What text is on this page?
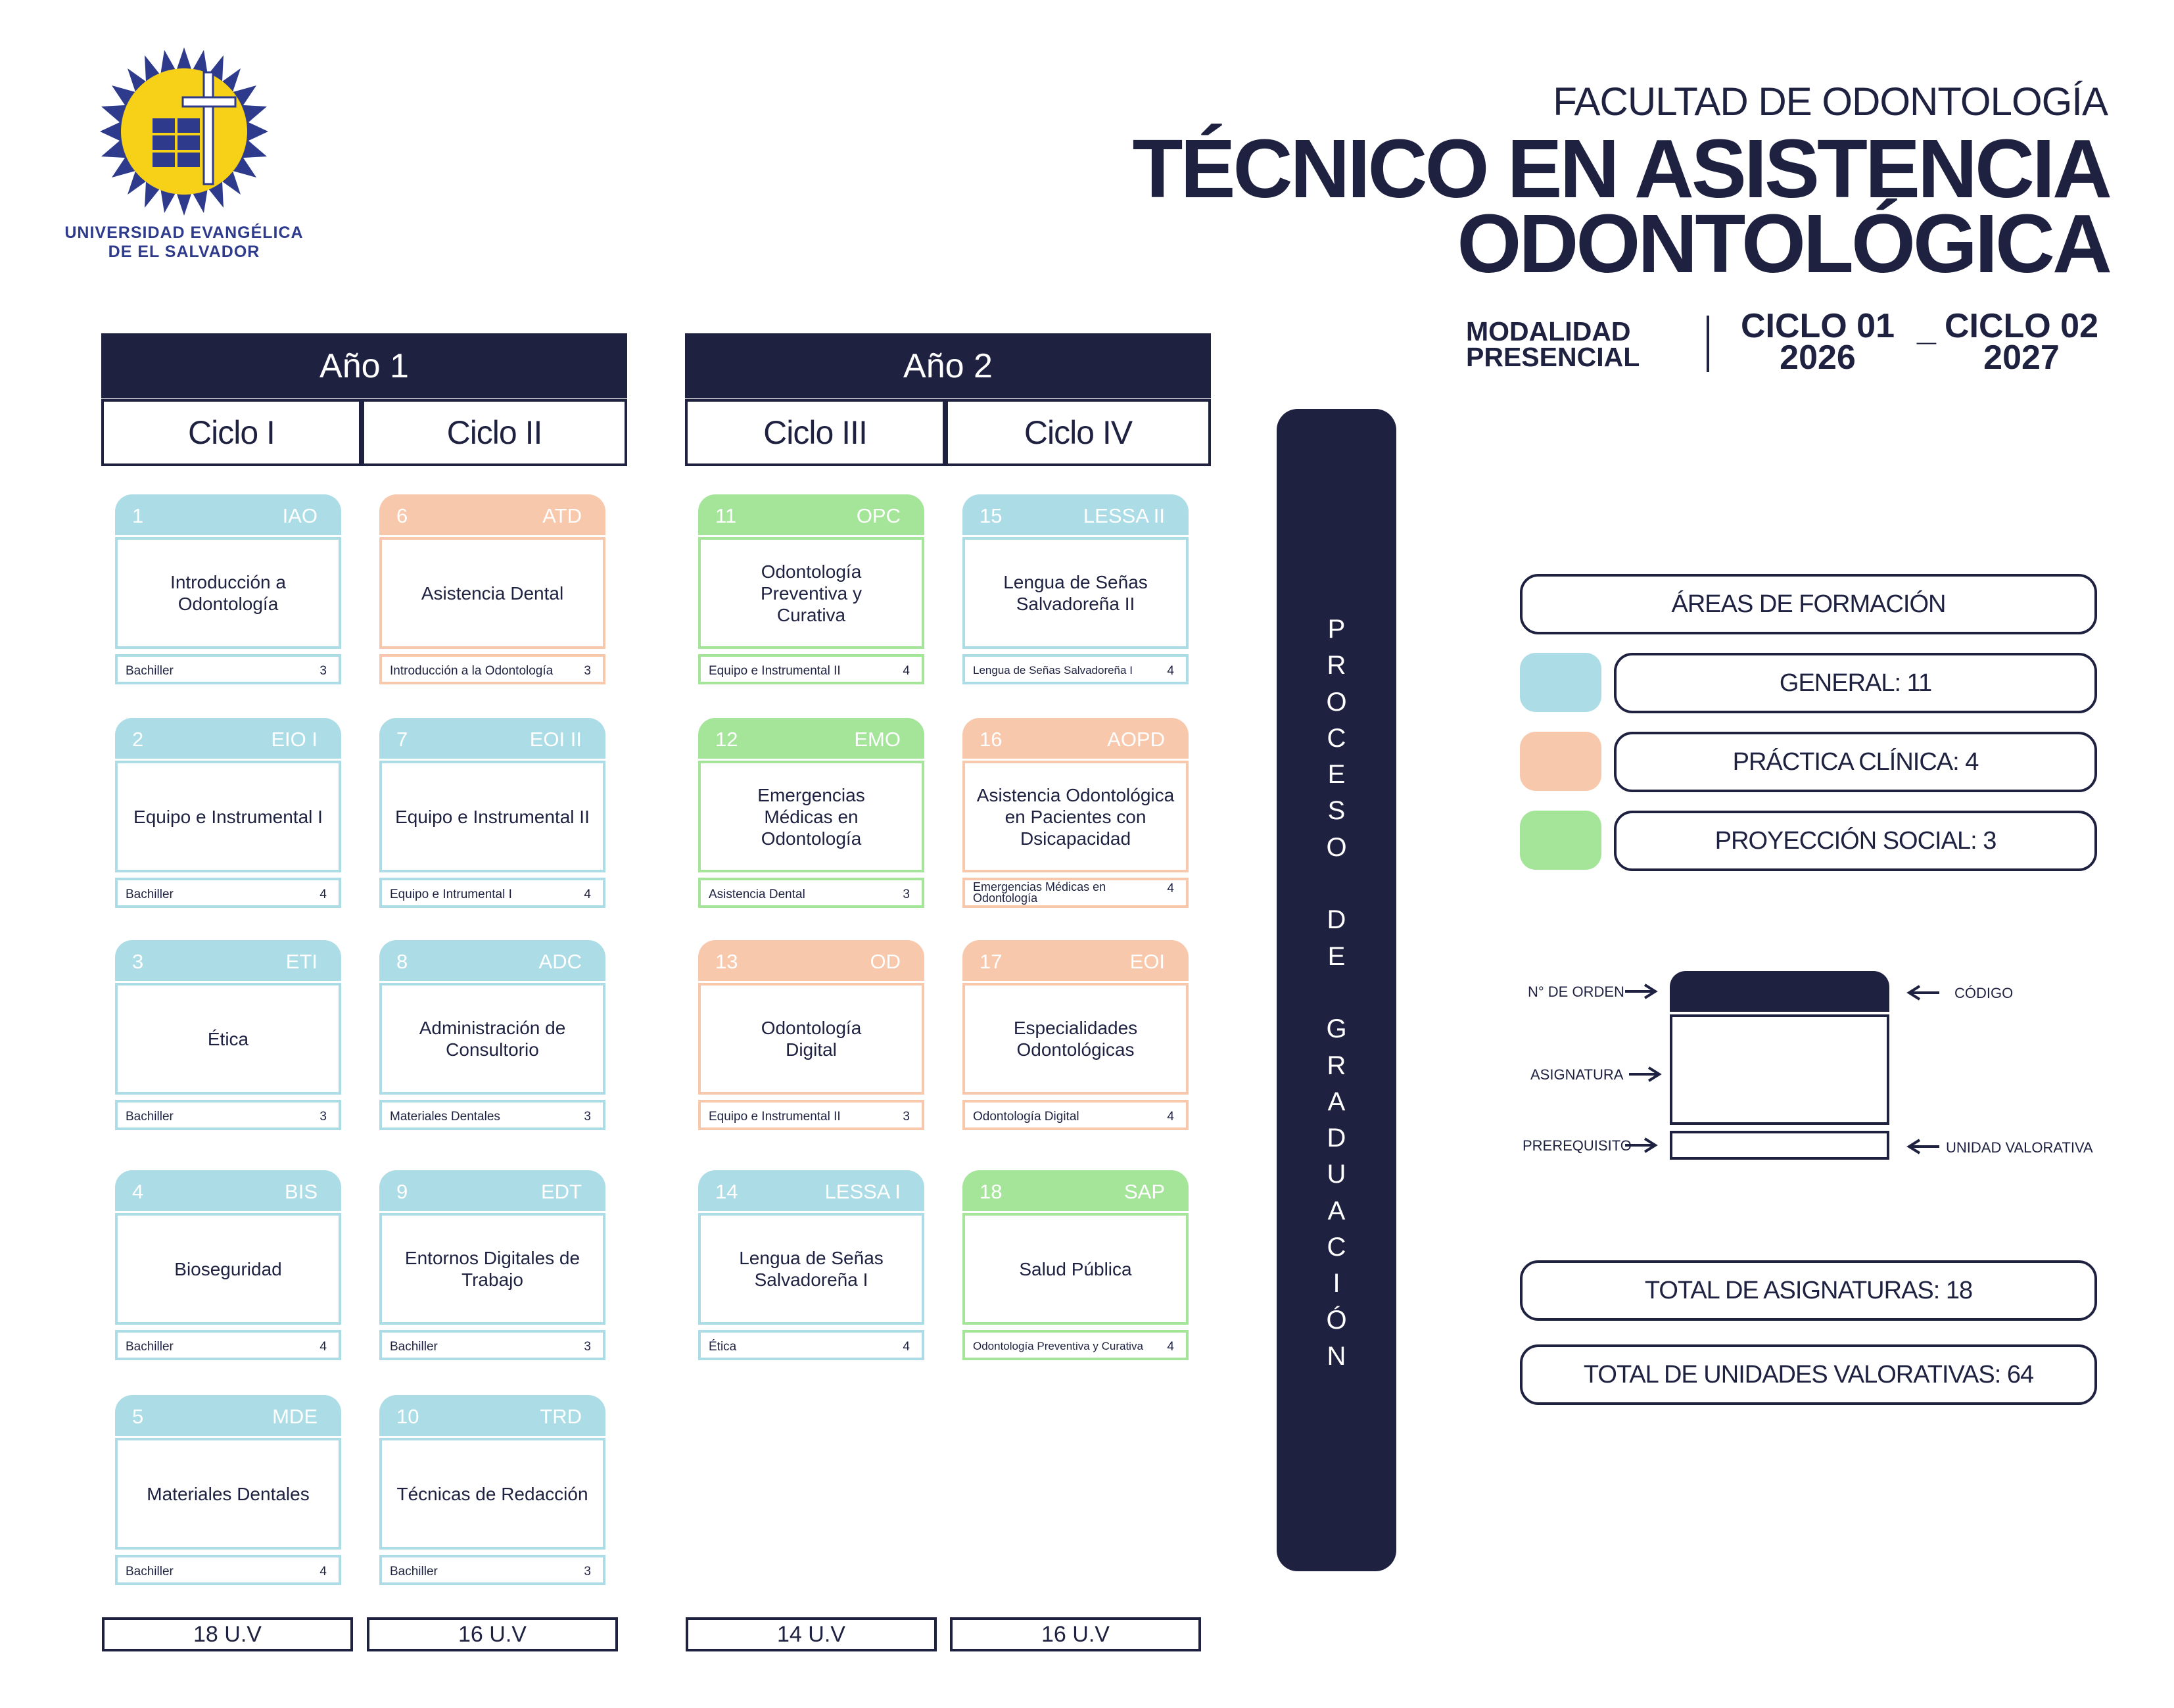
UNIVERSIDAD EVANGÉLICA
DE EL SALVADOR
FACULTAD DE ODONTOLOGÍA
TÉCNICO EN ASISTENCIA
ODONTOLÓGICA
MODALIDAD
PRESENCIAL
CICLO 01
2026
_ CICLO 02
2027
Año 1
Ciclo I	Ciclo II
Año 2
Ciclo III	Ciclo IV
1	IAO
Introducción a Odontología
Bachiller	3
2	EIO I
Equipo e Instrumental I
Bachiller	4
3	ETI
Ética
Bachiller	3
4	BIS
Bioseguridad
Bachiller	4
5	MDE
Materiales Dentales
Bachiller	4
6	ATD
Asistencia Dental
Introducción a la Odontología 3
7	EOI II
Equipo e Instrumental II
Equipo e Intrumental I	4
8	ADC
Administración de Consultorio
Materiales Dentales	3
9	EDT
Entornos Digitales de Trabajo
Bachiller	3
10	TRD
Técnicas de Redacción
Bachiller	3
11	OPC
Odontología Preventiva y Curativa
Equipo e Instrumental II	4
12	EMO
Emergencias Médicas en Odontología
Asistencia Dental	3
13	OD
Odontología Digital
Equipo e Instrumental II	3
14	LESSA I
Lengua de Señas Salvadoreña I
Ética	4
15	LESSA II
Lengua de Señas Salvadoreña II
Lengua de Señas Salvadoreña I	4
16	AOPD
Asistencia Odontológica en Pacientes con Dsicapacidad
Emergencias Médicas en Odontología
4
17	EOI
Especialidades Odontológicas
Odontología Digital	4
18	SAP
Salud Pública
Odontología Preventiva y Curativa 4
18 U.V	16 U.V	14 U.V	16 U.V
P
R
O
C
E
S
O

D
E

G
R
A
D
U
A
C
I
Ó
N
ÁREAS DE FORMACIÓN
GENERAL: 11
PRÁCTICA CLÍNICA: 4
PROYECCIÓN SOCIAL: 3
N° DE ORDEN	CÓDIGO
ASIGNATURA
PREREQUISITO	UNIDAD VALORATIVA
TOTAL DE ASIGNATURAS: 18
TOTAL DE UNIDADES VALORATIVAS: 64
